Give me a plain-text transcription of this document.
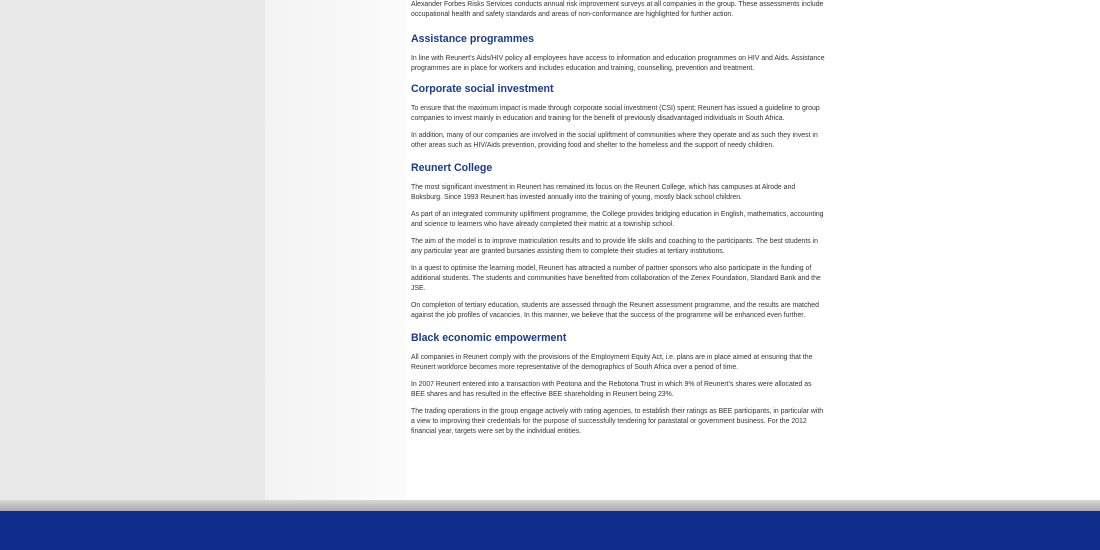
Alexander Forbes Risks Services conducts annual risk improvement surveys at all companies in the group. These assessments include occupational health and safety standards and areas of non-conformance are highlighted for further action.

Assistance programmes

In line with Reunert’s Aids/HIV policy all employees have access to information and education programmes on HIV and Aids. Assistance programmes are in place for workers and includes education and training, counselling, prevention and treatment.

Corporate social investment

To ensure that the maximum impact is made through corporate social investment (CSI) spent; Reunert has issued a guideline to group companies to invest mainly in education and training for the benefit of previously disadvantaged individuals in South Africa.

In addition, many of our companies are involved in the social upliftment of communities where they operate and as such they invest in other areas such as HIV/Aids prevention, providing food and shelter to the homeless and the support of needy children.

Reunert College

The most significant investment in Reunert has remained its focus on the Reunert College, which has campuses at Alrode and Boksburg. Since 1993 Reunert has invested annually into the training of young, mostly black school children.

As part of an integrated community upliftment programme, the College provides bridging education in English, mathematics, accounting and science to learners who have already completed their matric at a township school.

The aim of the model is to improve matriculation results and to provide life skills and coaching to the participants. The best students in any particular year are granted bursaries assisting them to complete their studies at tertiary institutions.

In a quest to optimise the learning model, Reunert has attracted a number of partner sponsors who also participate in the funding of additional students. The students and communities have benefited from collaboration of the Zenex Foundation, Standard Bank and the JSE.

On completion of tertiary education, students are assessed through the Reunert assessment programme, and the results are matched against the job profiles of vacancies. In this manner, we believe that the success of the programme will be enhanced even further.

Black economic empowerment

All companies in Reunert comply with the provisions of the Employment Equity Act, i.e. plans are in place aimed at ensuring that the Reunert workforce becomes more representative of the demographics of South Africa over a period of time.

In 2007 Reunert entered into a transaction with Peotona and the Rebotona Trust in which 9% of Reunert’s shares were allocated as BEE shares and has resulted in the effective BEE shareholding in Reunert being 23%.

The trading operations in the group engage actively with rating agencies, to establish their ratings as BEE participants, in particular with a view to improving their credentials for the purpose of successfully tendering for parastatal or government business. For the 2012 financial year, targets were set by the individual entities.
